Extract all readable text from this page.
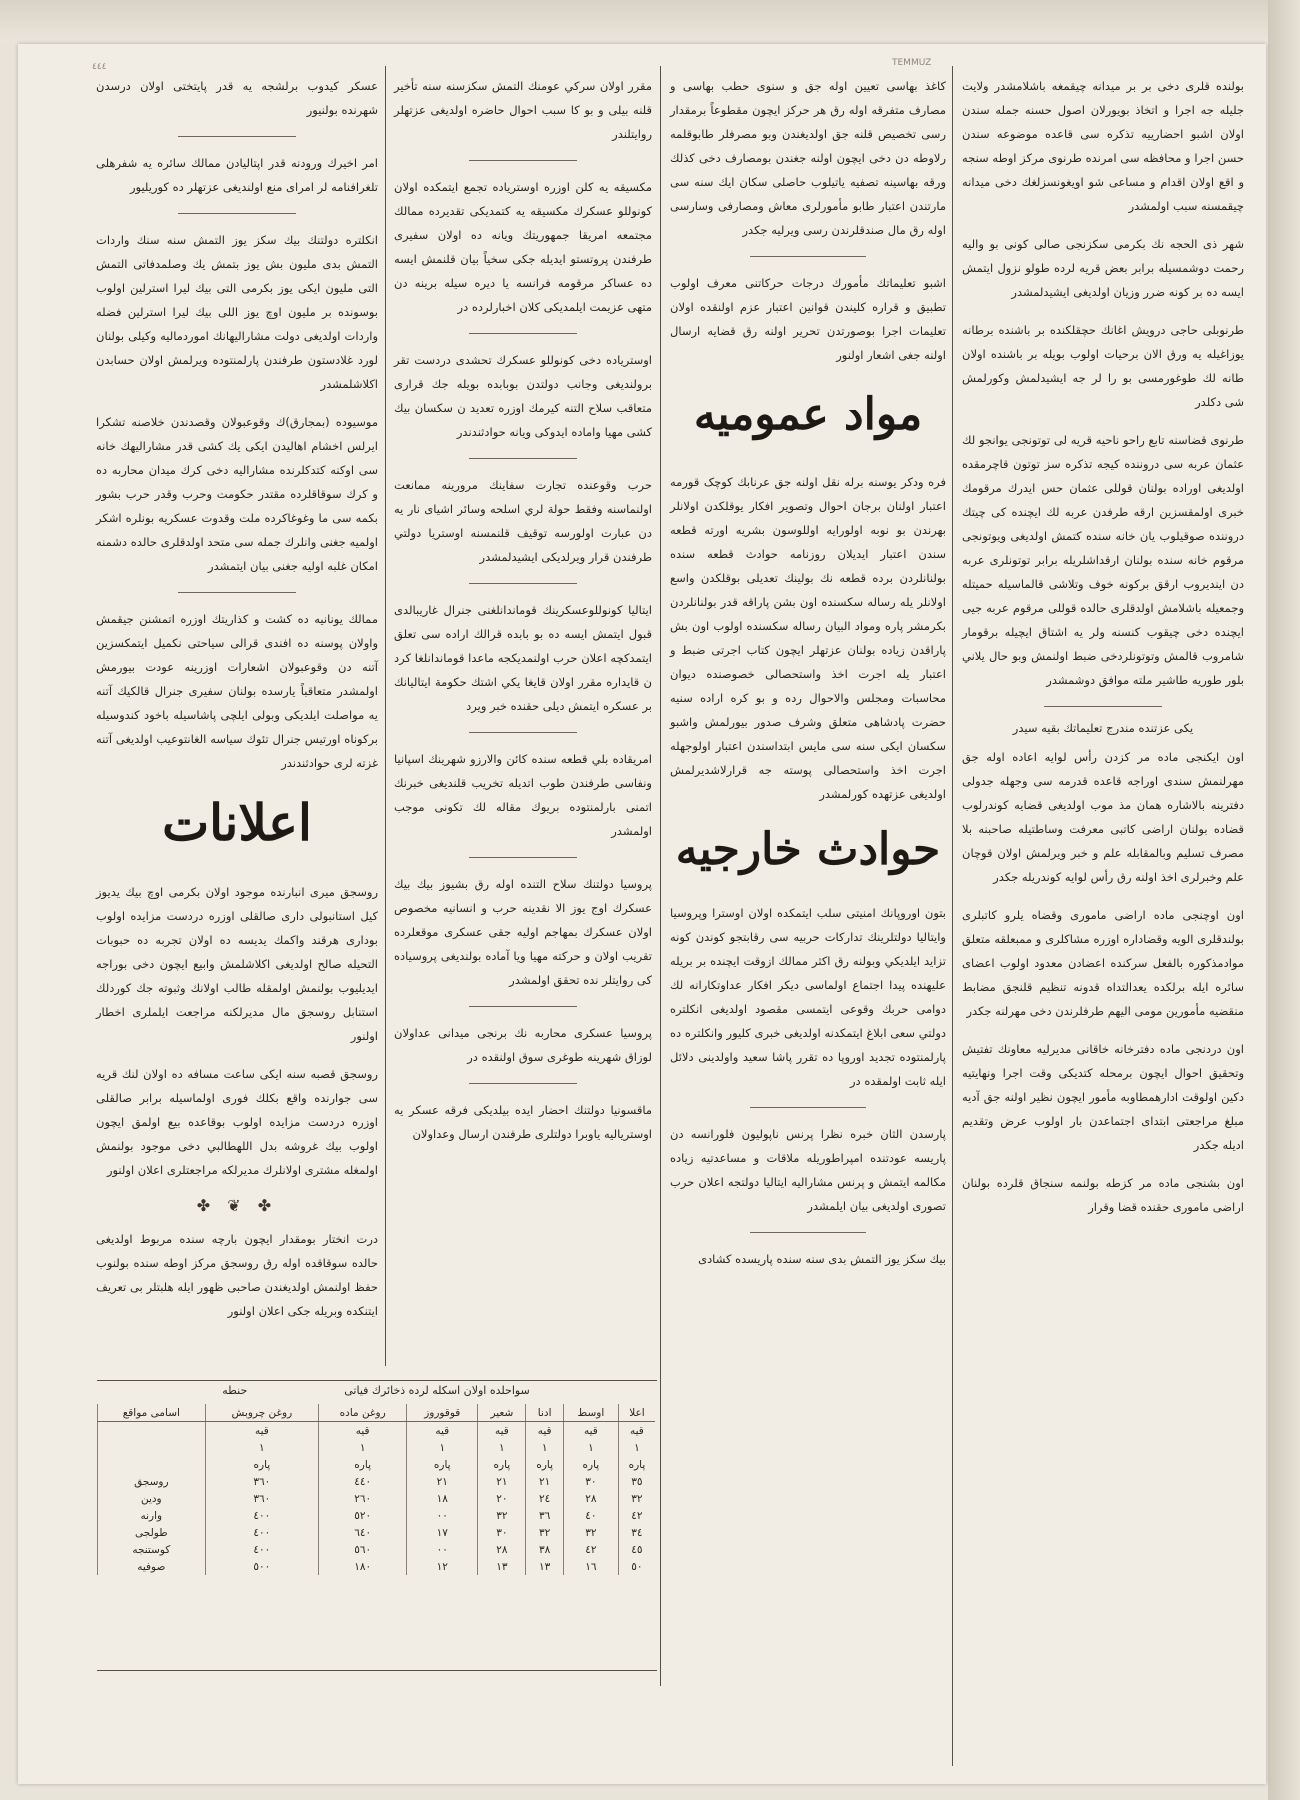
٤٤٤	TEMMUZ

بولنده قلری دخی بر بر میدانه چیقمغه باشلامشدر ولایت جلیله جه اجرا و اتخاذ بویورلان اصول حسنه جمله سندن اولان اشبو احضارییه تذکره سی قاعده موضوعه سندن حسن اجرا و محافظه سی امرنده طرنوی مرکز اوطه سنجه و اقع اولان اقدام و مساعی شو اویغونسزلغك دخی میدانه چیقمسنه سبب اولمشدر

شهر ذی الحجه نك بکرمی سکزنجی صالی کونی بو والیه رحمت دوشمسیله برابر بعض قریه لرده طولو نزول ایتمش ایسه ده بر کونه ضرر وزیان اولدیغی ایشیدلمشدر

طرنوبلی حاجی درویش اغانك حچقلکنده بر باشنده برطانه یوزاغیله یه ورق الان برحیات اولوب بویله بر باشنده اولان طانه لك طوغورمسی بو را لر جه ایشیدلمش وکورلمش شی دکلدر

طرنوی قضاسنه تابع راحو ناحیه قریه لی توتونجی یوانجو لك عثمان عربه سی دروننده کیجه تذکره سز توتون قاچرمقده اولدیغی اوراده بولنان قوللی عثمان حس ایدرك مرقومك خبری اولمقسزین ارقه طرفدن عربه لك ایچنده کی چیتك دروننده صوقیلوب یان خانه سنده کتمش اولدیغی ویوتونجی مرقوم خانه سنده بولنان ارقداشلریله برابر توتونلری عربه دن ایندیروب ارقق برکونه خوف وتلاشی قالماسیله حمیتله وجمعیله باشلامش اولدقلری حالده قوللی مرقوم عربه جیی ایچنده دخی چیقوب کنسنه ولر یه اشتاق ایچیله برقومار شامروب قالمش وتوتونلردخی ضبط اولنمش وبو حال يلاني بلور طوریه طاشیر ملته موافق دوشمشدر

یکی عزتنده مندرج تعلیماتك بقیه سیدر

اون ایکنجی ماده مر کزدن رأس لوایه اعاده اوله جق مهرلنمش سندی اوراجه قاعده قدرمه سی وجهله جدولی دفترینه بالاشاره همان مذ موب اولدیغی قضایه کوندرلوب قضاده بولنان اراضی کاتبی معرفت وساطتیله صاحبنه بلا مصرف تسلیم وبالمقابله علم و خبر ویرلمش اولان قوچان علم وخبرلری اخذ اولنه رق رأس لوایه کوندریله جکدر

اون اوچنجی ماده اراضی ماموری وقضاه یلرو کاتبلری بولندقلری الویه وقضاداره اوزره مشاکلری و ممبعلقه متعلق موادمذکوره بالفعل سرکنده اعضادن معدود اولوب اعضای سائره ایله برلکده یعدالتداه قدونه تنظیم قلنجق مضابط منقضیه مأمورین مومی الیهم طرفلرندن دخی مهرلنه جکدر

اون دردنجی ماده دفترخانه خاقانی مدیرلیه معاونك تفتیش وتحقیق احوال ایچون برمحله کتدیکی وقت اجرا ونهایتیه دکین اولوقت ادارهمطاوبه مأمور ایچون نظیر اولنه جق آدیه مبلغ مراجعتی ابتدای اجتماعدن بار اولوب عرض وتقدیم ادیله جکدر

اون بشنجی ماده مر کزطه بولنمه سنجاق قلرده بولنان اراضی ماموری حقنده قضا وقرار

کاغذ بهاسی تعیین اوله جق و سنوی حطب بهاسی و مصارف متفرقه اوله رق هر حرکز ایچون مقطوعاً برمقدار رسی تخصیص قلنه جق اولدیغندن وبو مصرفلر طابوقلمه رلاوطه دن دخی ایچون اولنه جغندن بومصارف دخی كذلك ورقه بهاسینه تصفیه یاتیلوب حاصلی سکان ایك سنه سی مارتندن اعتبار طابو مأمورلری معاش ومصارفی وسارسی اوله رق مال صندقلرندن رسی ویرلیه جکدر

اشبو تعلیماتك مأمورك درجات حرکاتنی معرف اولوب تطبیق و قراره کلیندن قوانین اعتبار عزم اولنقده اولان تعلیمات اجرا بوصورتدن تحریر اولنه رق قضایه ارسال اولنه جغی اشعار اولنور

مواد عمومیه

فره ودکر یوسنه برله نقل اولنه جق عرنابك کوچک قورمه اعتبار اولنان برجان احوال وتصویر افکار یوقلکدن اولانلر بهرندن بو نوبه اولورایه اوللوسون بشریه اورته قطعه سندن اعتبار ایدیلان روزنامه حوادث قطعه سنده بولنانلردن برده قطعه نك بولینك تعدیلی بوقلکدن واسع اولانلر یله رساله سکسنده اون بشن پاراقه قدر بولنانلردن بکرمشر پاره ومواد البیان رساله سکسنده اولوب اون بش پاراقدن زیاده بولنان عزتهلر ایچون کتاب اجرتی ضبط و اعتبار یله اجرت اخذ واستحصالی خصوصنده دیوان محاسبات ومجلس والاحوال رده و بو کره اراده سنیه حضرت پادشاهی متعلق وشرف صدور بیورلمش واشبو سکسان ایکی سنه سی مایس ابتداسندن اعتبار اولوجهله اجرت اخذ واستحصالی پوسته جه قرارلاشدیرلمش اولدیغی عزتهده کورلمشدر

حوادث خارجیه

بتون اوروپانك امنیتی سلب ایتمکده اولان اوسترا وپروسیا وایتالیا دولتلرینك تدارکات حربیه سی رقابتجو کوندن كونه تزايد ايلديكي وبولنه رق اكثر ممالك ازوقت ایچنده بر بریله علیهنده پیدا اجتماع اولماسی ديكر افكار عداوتكارانه لك دوامی حربك وقوعی ایتمسی مقصود اولدیغی انكلتره دولتي سعی ابلاغ ايتمكدنه اولديغی خبری كليور وانكلتره ده پارلمنتوده تجدید اوروپا ده تقرر پاشا سعید واولدینی دلائل ایله ثابت اولمقده در

پارسدن الثان خبره نظرا پرنس ناپولیون فلورانسه دن پاریسه عودتنده امپراطوریله ملاقات و مساعدتیه زياده مکالمه ایتمش و پرنس مشاراليه ايتاليا دولتجه اعلان حرب تصوری اولدیغی بیان ایلمشدر

بيك سکز يوز التمش بدی سنه سنده پاریسده کشادی

مقرر اولان سرکي عومنك التمش سكزسنه سنه تأخیر قلنه بیلی و بو کا سبب احوال حاضره اولدیغی عزتهلر روايتلندر

مکسیقه یه کلن اوزره اوسترياده تجمع ایتمکده اولان کونوللو عسکرك مکسیقه یه کتمدیکی تقدیرده ممالك مجتمعه امریقا جمهوریتك ویانه ده اولان سفیری طرفندن پروتستو ایدیله جکی سخیاً بيان قلنمش ایسه ده عساکر مرقومه فرانسه یا ديره سيله برینه دن متهی عزیمت ایلمدیکی کلان اخبارلرده در

اوسترياده دخی کونوللو عسکرك تحشدی دردست تقر برولندیغی وجانب دولتدن بوبابده بویله جك قراری متعاقب سلاح التنه کیرمك اوزره تعدید ن سکسان بيك کشی مهیا واماده ایدوکی ویانه حوادثندندر

حرب وقوعنده تجارت سفاینك مرورینه ممانعت اولنماسنه وفقط حولة لري اسلحه وسائر اشیای نار یه دن عبارت اولورسه توقیف قلنمسنه اوستريا دولتي طرفندن قرار ویرلدیکی ایشیدلمشدر

ایتاليا کونوللوعسکرینك قوماندانلغنی جنرال غاریبالدی قبول ایتمش ایسه ده بو بابده قرالك اراده سی تعلق ایتمدکچه اعلان حرب اولنمدیکجه ماعدا قوماندانلغا کرد ن قايداره مقرر اولان قايغا يکي اشتك حكومة ايتاليانك بر عسکره ايتمش دیلی حقنده خبر ویرد

امريقاده بلي قطعه سنده کائن والارزو شهرینك اسپانيا ونفاسی طرفندن طوب اتدیله تخریب قلندیغی خبرنك اتمنی بارلمنتوده بریوك مقاله لك تکونی موجب اولمشدر

پروسیا دولتنك سلاح التنده اوله رق بشیوز بیك بيك عسکرك اوج يوز الا نقدينه حرب و انسانيه مخصوص اولان عسکرك بمهاجم اولیه جقی عسکری موقعلرده تقريب اولان و حركته مهيا ويا آماده بولنديغی پروسیاده کی روایتلر نده تحقق اولمشدر

پروسیا عسکری محاربه نك برنجی میدانی عداولان لوزاق شهرینه طوغری سوق اولنقده در

ماقسونیا دولتنك احضار ايده بیلدیکی فرقه عسکر یه اوسترياليه یاوبرا دولتلری طرفندن ارسال وعداولان

عسکر کیدوب برلشجه یه قدر پایتختی اولان درسدن شهرنده بولنیور

امر اخیرك ورودنه قدر اپتالیادن ممالك سائره یه شفرهلی تلغرافنامه لر امرای منع اولندیغی عزتهلر ده کوریلیور

انکلتره دولتنك بيك سکز يوز التمش سنه سنك واردات التمش بدی ملیون بش یوز بتمش یك وصلمدفاتی التمش التی مليون ایکی یوز بکرمی التی بیك لیرا استرلین اولوب بوسونده بر مليون اوچ یوز اللی بيك ليرا استرلین فضله واردات اولدیغی دولت مشارالیهانك اموردمالیه وکیلی بولنان لورد غلادستون طرفندن پارلمنتوده ویرلمش اولان حسابدن اکلاشلمشدر

موسیوده (بمجارق)ك وقوعبولان وقصدندن خلاصنه تشکرا ایرلس اخشام اهالیدن ایکی یك کشی قدر مشارالیهك خانه سی اوکنه کتدکلرنده مشارالیه دخی کرك میدان محاربه ده و کرك سوقاقلرده مقتدر حکومت وحرب وقدر حرب بشور بکمه سی ما وغوغاکرده ملت وقدوت عسکریه بونلره اشكر اولمیه جغنی وانلرك جمله سی متحد اولدقلری حالده دشمنه امکان غلبه اولیه جغنی بیان ایتمشدر

ممالك یونانیه ده کشت و کذاریتك اوزره اتمشنن جیقمش واولان پوسنه ده افندی قرالی سیاحتی نکمیل ایتمکسزین آتنه دن وقوعبولان اشعارات اوزرینه عودت بيورمش اولمشدر متعاقباً یارسده بولنان سفیری جنرال قالکیك آتنه یه مواصلت ایلدیکی وبولی ایلچی پاشاسیله باخود كندوسیله بركوناه اورتیس جنرال تئوك سیاسه الغانتوعیب اولدیغی آتنه غزته لری حوادثندندر

اعلانات

روسجق میری انبارنده موجود اولان بكرمی اوچ بيك يديوز كيل استانبولی داری صالقلی اوزره دردست مزایده اولوب بودارى هرقند واکمك یدیسه ده اولان تجربه ده حبوبات التحیله صالح اولدیغی اکلاشلمش وابیع ایچون دخی بوراجه ایدیلیوب بولنمش اولمقله طالب اولانك وثبوته جك کوردلك استنابل روسجق مال مدیرلکنه مراجعت ایلملری اخطار اولنور

روسجق قصبه سنه ایکی ساعت مسافه ده اولان لنك قریه سی جوارنده واقع بکلك فوری اولماسیله برابر صالقلی اوزره دردست مزایده اولوب بوقاعده بيع اولمق ايچون اولوب بيك غروشه بدل اللهطالبي دخی موجود بولنمش اولمغله مشتری اولانلرك مدیرلکه مراجعتلری اعلان اولنور

✤ ❦ ✤

درت انختار بومقدار ایچون بارچه سنده مربوط اولدیغی حالده سوقاقده اوله رق روسجق مرکز اوطه سنده بولنوب حفظ اولنمش اولدیغندن صاحبی ظهور ایله هلبتلر بی تعریف ایتنکده وبریله جکی اعلان اولنور

سواحلده اولان اسکله لرده ذخائرك فیاتی  حنطه
اعلا	اوسط	ادنا	شعیر	قوقوروز	روغن ماده	روغن چروبش	اسامی مواقع
قیه	قیه	قیه	قیه	قیه	قیه	قیه	
١	١	١	١	١	١	١	
پاره	پاره	پاره	پاره	پاره	پاره	پاره	
٣٥	٣٠	٢١	٢١	٢١	٤٤٠	٣٦٠	روسجق
٣٢	٢٨	٢٤	٢٠	١٨	٢٦٠	٣٦٠	ودين
٤٢	٤٠	٣٦	٣٢	٠٠	٥٢٠	٤٠٠	وارنه
٣٤	٣٢	٣٢	٣٠	١٧	٦٤٠	٤٠٠	طولجی
٤٥	٤٢	٣٨	٢٨	٠٠	٥٦٠	٤٠٠	كوستنجه
٥٠	١٦	١٣	١٣	١٢	١٨٠	٥٠٠	صوفيه
